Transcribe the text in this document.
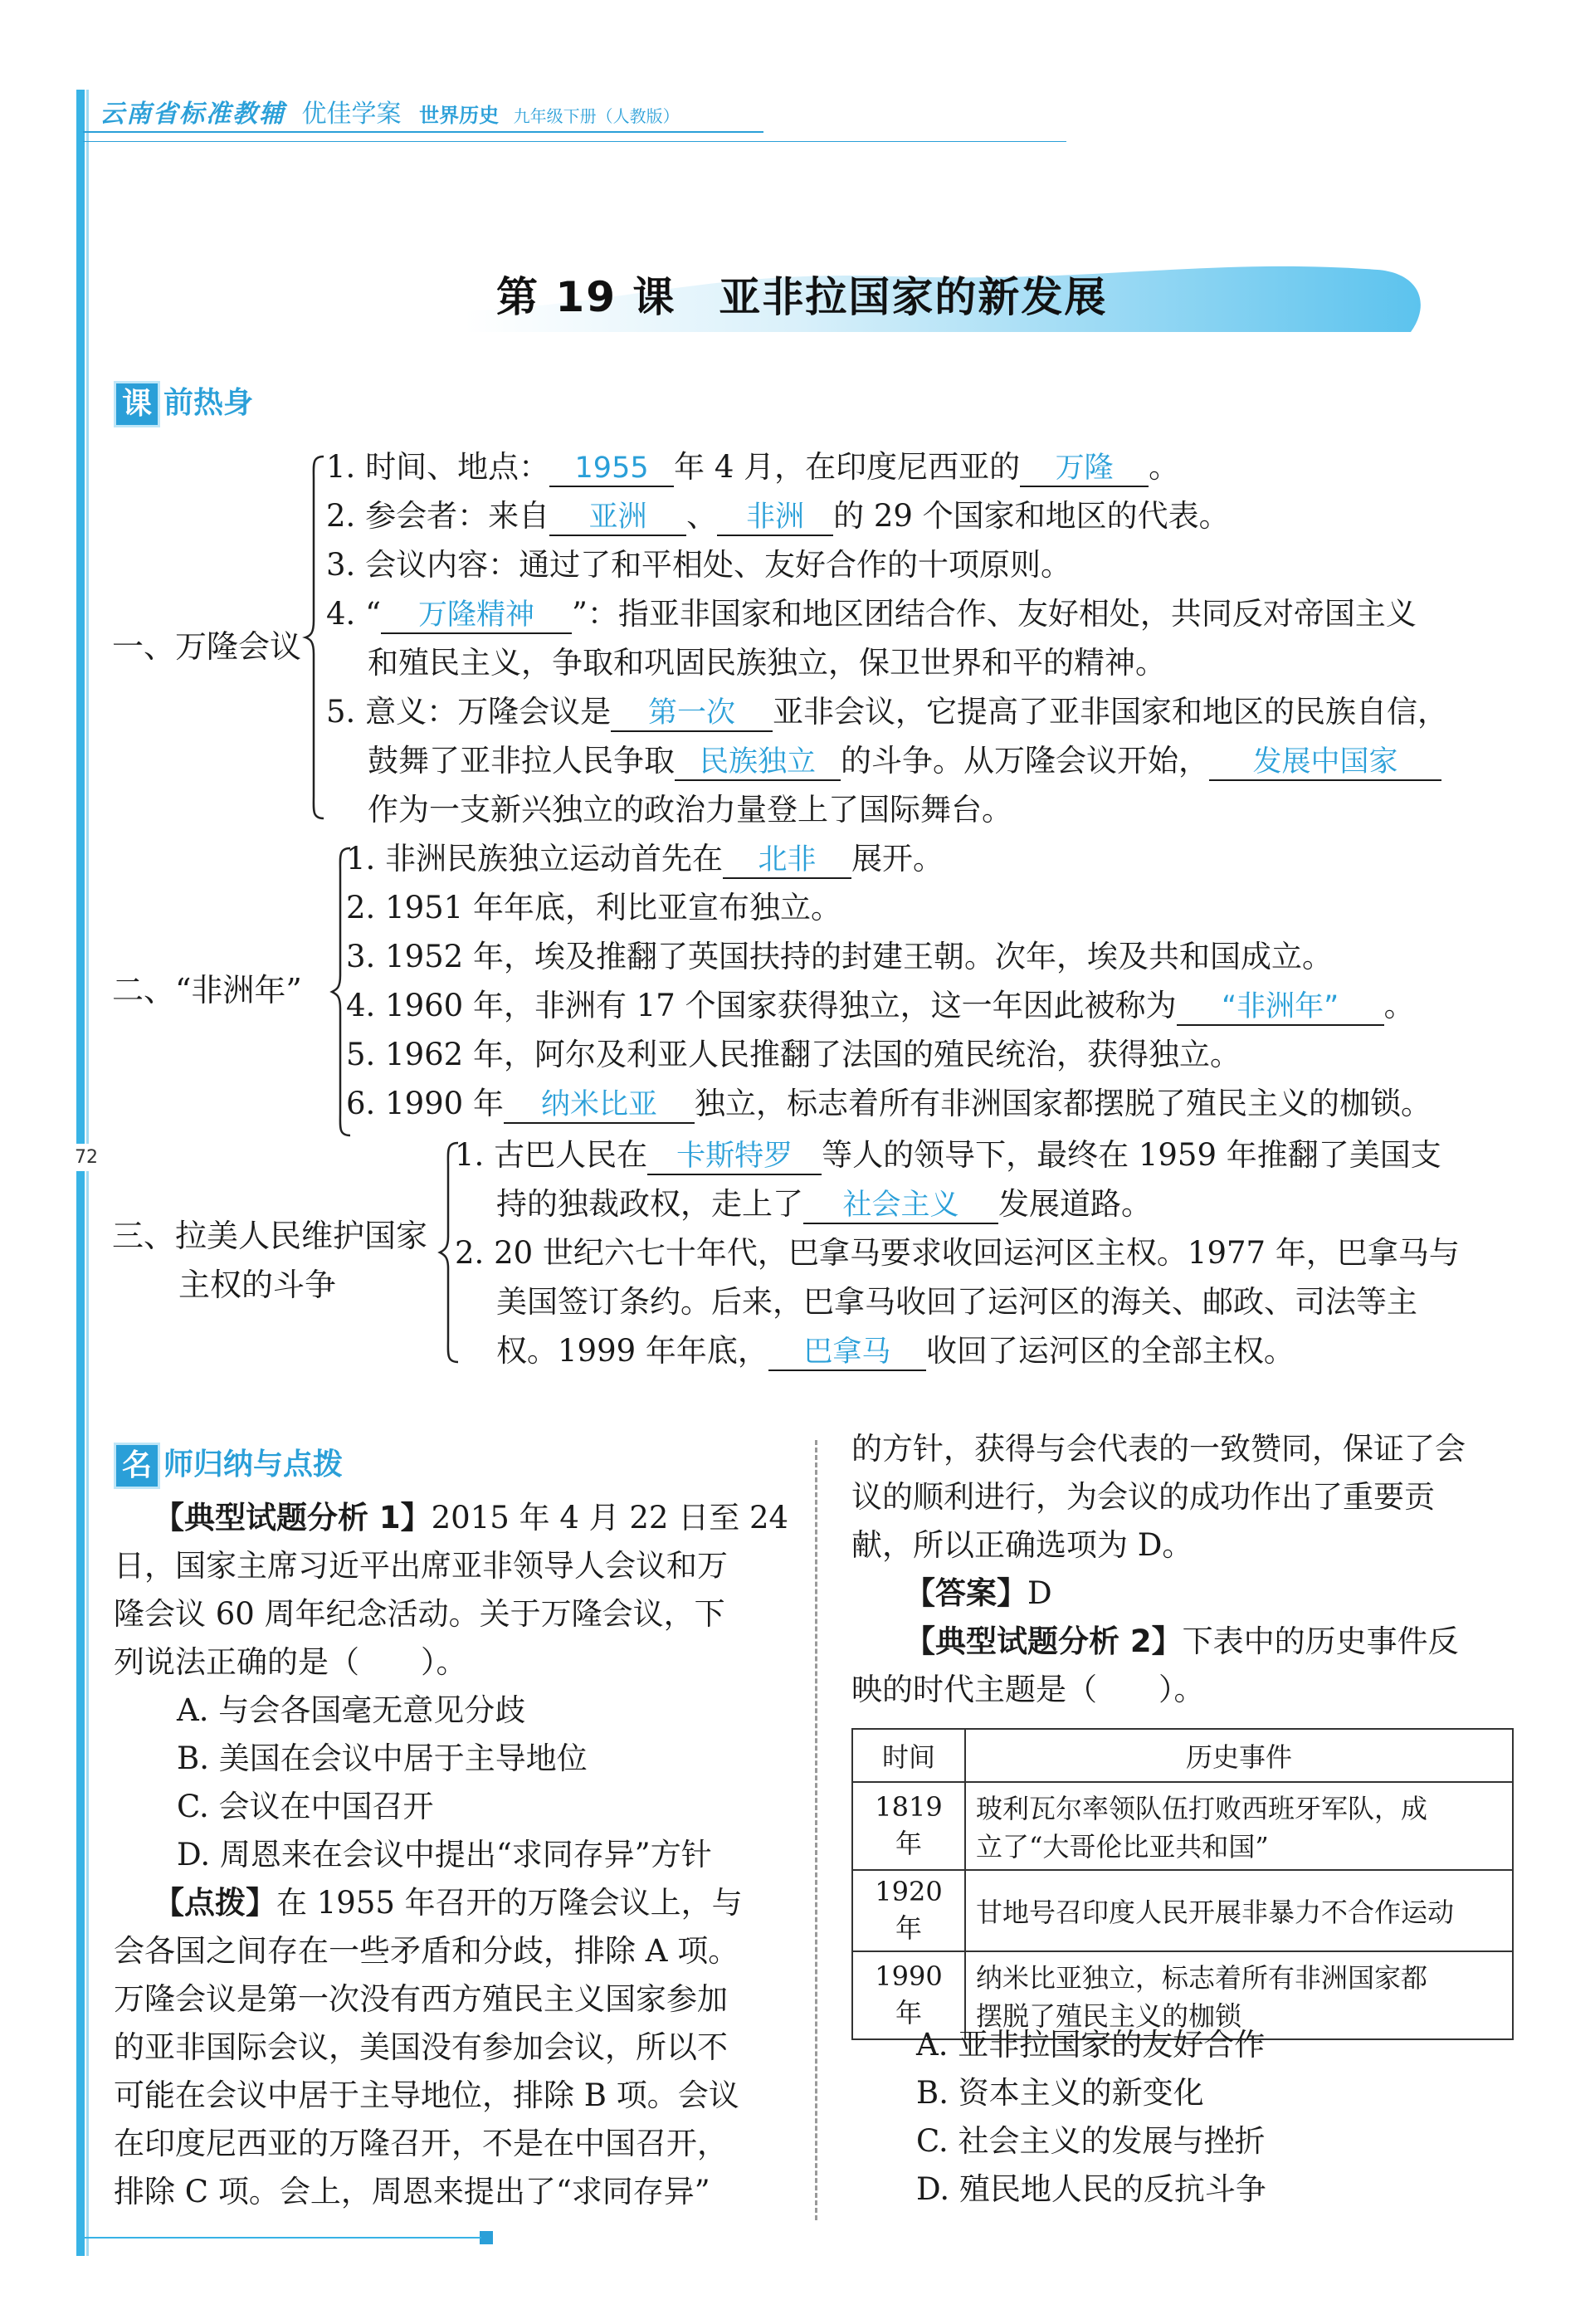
72
云南省标准教辅 优佳学案 世界历史 九年级下册（人教版）
第 19 课　亚非拉国家的新发展
课 前热身
一、万隆会议
1. 时间、地点： 1955 年 4 月，在印度尼西亚的 万隆 。
2. 参会者：来自 亚洲 、 非洲 的 29 个国家和地区的代表。
3. 会议内容：通过了和平相处、友好合作的十项原则。
4. “ 万隆精神 ”：指亚非国家和地区团结合作、友好相处，共同反对帝国主义
和殖民主义，争取和巩固民族独立，保卫世界和平的精神。
5. 意义：万隆会议是 第一次 亚非会议，它提高了亚非国家和地区的民族自信，
鼓舞了亚非拉人民争取 民族独立 的斗争。从万隆会议开始， 发展中国家
作为一支新兴独立的政治力量登上了国际舞台。
二、“非洲年”
1. 非洲民族独立运动首先在 北非 展开。
2. 1951 年年底，利比亚宣布独立。
3. 1952 年，埃及推翻了英国扶持的封建王朝。次年，埃及共和国成立。
4. 1960 年，非洲有 17 个国家获得独立，这一年因此被称为 “非洲年” 。
5. 1962 年，阿尔及利亚人民推翻了法国的殖民统治，获得独立。
6. 1990 年 纳米比亚 独立，标志着所有非洲国家都摆脱了殖民主义的枷锁。
三、拉美人民维护国家
主权的斗争
1. 古巴人民在 卡斯特罗 等人的领导下，最终在 1959 年推翻了美国支
持的独裁政权，走上了 社会主义 发展道路。
2. 20 世纪六七十年代，巴拿马要求收回运河区主权。1977 年，巴拿马与
美国签订条约。后来，巴拿马收回了运河区的海关、邮政、司法等主
权。1999 年年底， 巴拿马 收回了运河区的全部主权。
名 师归纳与点拨
【典型试题分析 1】2015 年 4 月 22 日至 24
日，国家主席习近平出席亚非领导人会议和万
隆会议 60 周年纪念活动。关于万隆会议，下
列说法正确的是（　　）。
A. 与会各国毫无意见分歧
B. 美国在会议中居于主导地位
C. 会议在中国召开
D. 周恩来在会议中提出“求同存异”方针
【点拨】在 1955 年召开的万隆会议上，与
会各国之间存在一些矛盾和分歧，排除 A 项。
万隆会议是第一次没有西方殖民主义国家参加
的亚非国际会议，美国没有参加会议，所以不
可能在会议中居于主导地位，排除 B 项。会议
在印度尼西亚的万隆召开，不是在中国召开，
排除 C 项。会上，周恩来提出了“求同存异”
的方针，获得与会代表的一致赞同，保证了会
议的顺利进行，为会议的成功作出了重要贡
献，所以正确选项为 D。
【答案】D
【典型试题分析 2】下表中的历史事件反
映的时代主题是（　　）。
时间	历史事件
1819 年	玻利瓦尔率领队伍打败西班牙军队，成
立了“大哥伦比亚共和国”
1920 年	甘地号召印度人民开展非暴力不合作运动
1990 年	纳米比亚独立，标志着所有非洲国家都
摆脱了殖民主义的枷锁
A. 亚非拉国家的友好合作
B. 资本主义的新变化
C. 社会主义的发展与挫折
D. 殖民地人民的反抗斗争
